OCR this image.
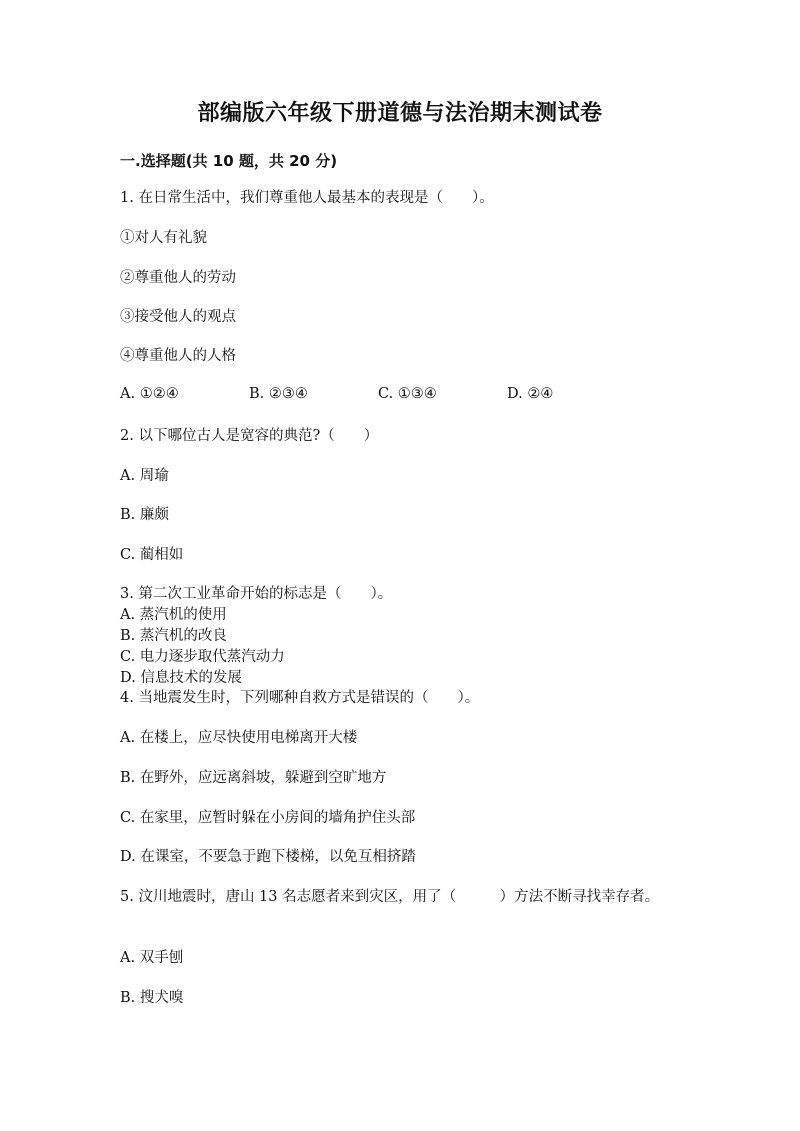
部编版六年级下册道德与法治期末测试卷
一.选择题(共 10 题，共 20 分)
1. 在日常生活中，我们尊重他人最基本的表现是（　　）。
①对人有礼貌
②尊重他人的劳动
③接受他人的观点
④尊重他人的人格
A. ①②④	B. ②③④	C. ①③④	D. ②④
2. 以下哪位古人是宽容的典范?（　　）
A. 周瑜
B. 廉颇
C. 蔺相如
3. 第二次工业革命开始的标志是（　　）。
A. 蒸汽机的使用
B. 蒸汽机的改良
C. 电力逐步取代蒸汽动力
D. 信息技术的发展
4. 当地震发生时，下列哪种自救方式是错误的（　　）。
A. 在楼上，应尽快使用电梯离开大楼
B. 在野外，应远离斜坡，躲避到空旷地方
C. 在家里，应暂时躲在小房间的墙角护住头部
D. 在课室，不要急于跑下楼梯，以免互相挤踏
5. 汶川地震时，唐山 13 名志愿者来到灾区，用了（　　　）方法不断寻找幸存者。
A. 双手刨
B. 搜犬嗅
